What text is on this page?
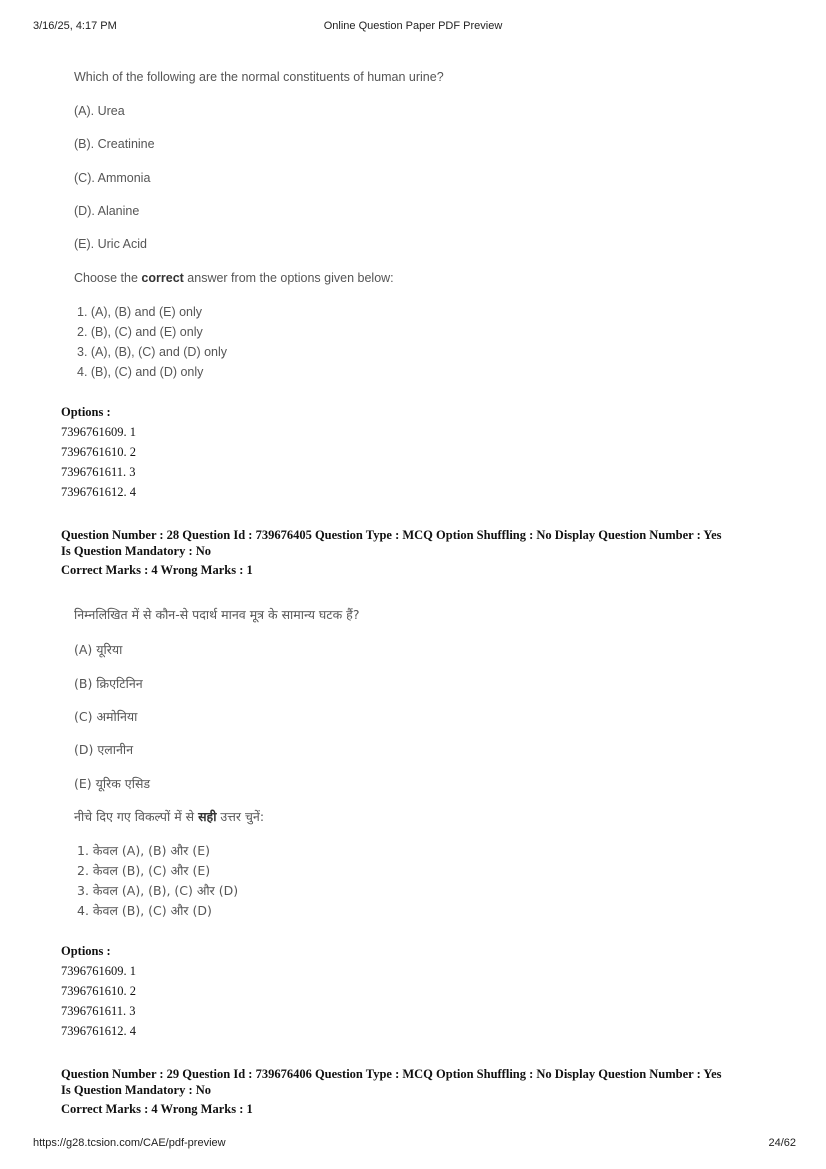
3/16/25, 4:17 PM	Online Question Paper PDF Preview
Which of the following are the normal constituents of human urine?
(A). Urea
(B). Creatinine
(C). Ammonia
(D). Alanine
(E). Uric Acid
Choose the correct answer from the options given below:
1. (A), (B) and (E) only
2. (B), (C) and (E) only
3. (A), (B), (C) and (D) only
4. (B), (C) and (D) only
Options :
7396761609. 1
7396761610. 2
7396761611. 3
7396761612. 4
Question Number : 28 Question Id : 739676405 Question Type : MCQ Option Shuffling : No Display Question Number : Yes
Is Question Mandatory : No
Correct Marks : 4 Wrong Marks : 1
निम्नलिखित में से कौन-से पदार्थ मानव मूत्र के सामान्य घटक हैं?
(A) यूरिया
(B) क्रिएटिनिन
(C) अमोनिया
(D) एलानीन
(E) यूरिक एसिड
नीचे दिए गए विकल्पों में से सही उत्तर चुनें:
1. केवल (A), (B) और (E)
2. केवल (B), (C) और (E)
3. केवल (A), (B), (C) और (D)
4. केवल (B), (C) और (D)
Options :
7396761609. 1
7396761610. 2
7396761611. 3
7396761612. 4
Question Number : 29 Question Id : 739676406 Question Type : MCQ Option Shuffling : No Display Question Number : Yes
Is Question Mandatory : No
Correct Marks : 4 Wrong Marks : 1
https://g28.tcsion.com/CAE/pdf-preview	24/62
